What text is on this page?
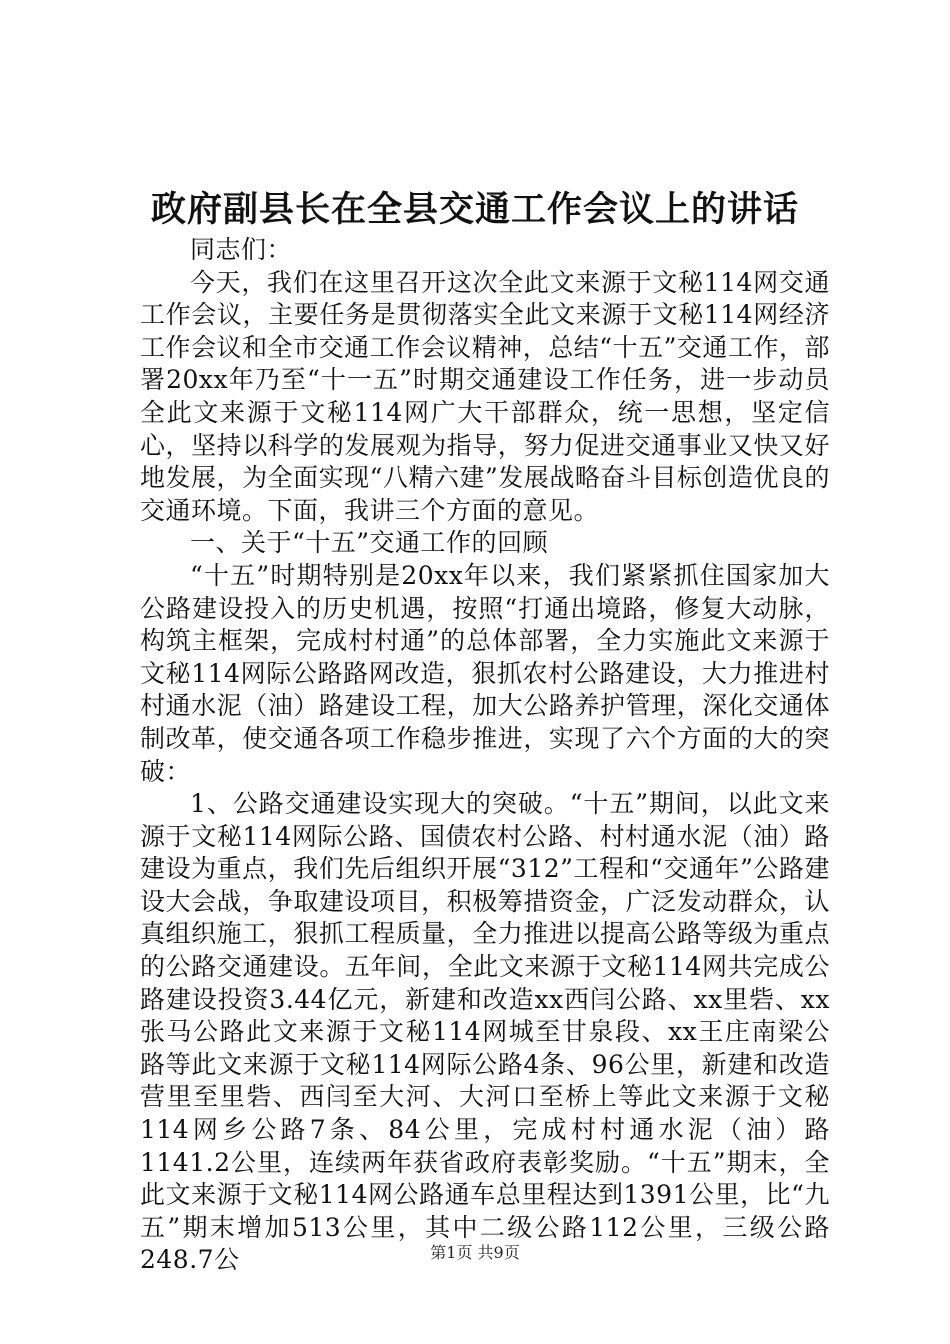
政府副县长在全县交通工作会议上的讲话

同志们：

今天，我们在这里召开这次全此文来源于文秘114网交通工作会议，主要任务是贯彻落实全此文来源于文秘114网经济工作会议和全市交通工作会议精神，总结“十五”交通工作，部署20xx年乃至“十一五”时期交通建设工作任务，进一步动员全此文来源于文秘114网广大干部群众，统一思想，坚定信心，坚持以科学的发展观为指导，努力促进交通事业又快又好地发展，为全面实现“八精六建”发展战略奋斗目标创造优良的交通环境。下面，我讲三个方面的意见。

一、关于“十五”交通工作的回顾

“十五”时期特别是20xx年以来，我们紧紧抓住国家加大公路建设投入的历史机遇，按照“打通出境路，修复大动脉，构筑主框架，完成村村通”的总体部署，全力实施此文来源于文秘114网际公路路网改造，狠抓农村公路建设，大力推进村村通水泥（油）路建设工程，加大公路养护管理，深化交通体制改革，使交通各项工作稳步推进，实现了六个方面的大的突破：

1、公路交通建设实现大的突破。“十五”期间，以此文来源于文秘114网际公路、国债农村公路、村村通水泥（油）路建设为重点，我们先后组织开展“312”工程和“交通年”公路建设大会战，争取建设项目，积极筹措资金，广泛发动群众，认真组织施工，狠抓工程质量，全力推进以提高公路等级为重点的公路交通建设。五年间，全此文来源于文秘114网共完成公路建设投资3.44亿元，新建和改造xx西闫公路、xx里砦、xx张马公路此文来源于文秘114网城至甘泉段、xx王庄南梁公路等此文来源于文秘114网际公路4条、96公里，新建和改造营里至里砦、西闫至大河、大河口至桥上等此文来源于文秘114网乡公路7条、84公里，完成村村通水泥（油）路1141.2公里，连续两年获省政府表彰奖励。“十五”期末，全此文来源于文秘114网公路通车总里程达到1391公里，比“九五”期末增加513公里，其中二级公路112公里，三级公路248.7公	第1页 共9页
